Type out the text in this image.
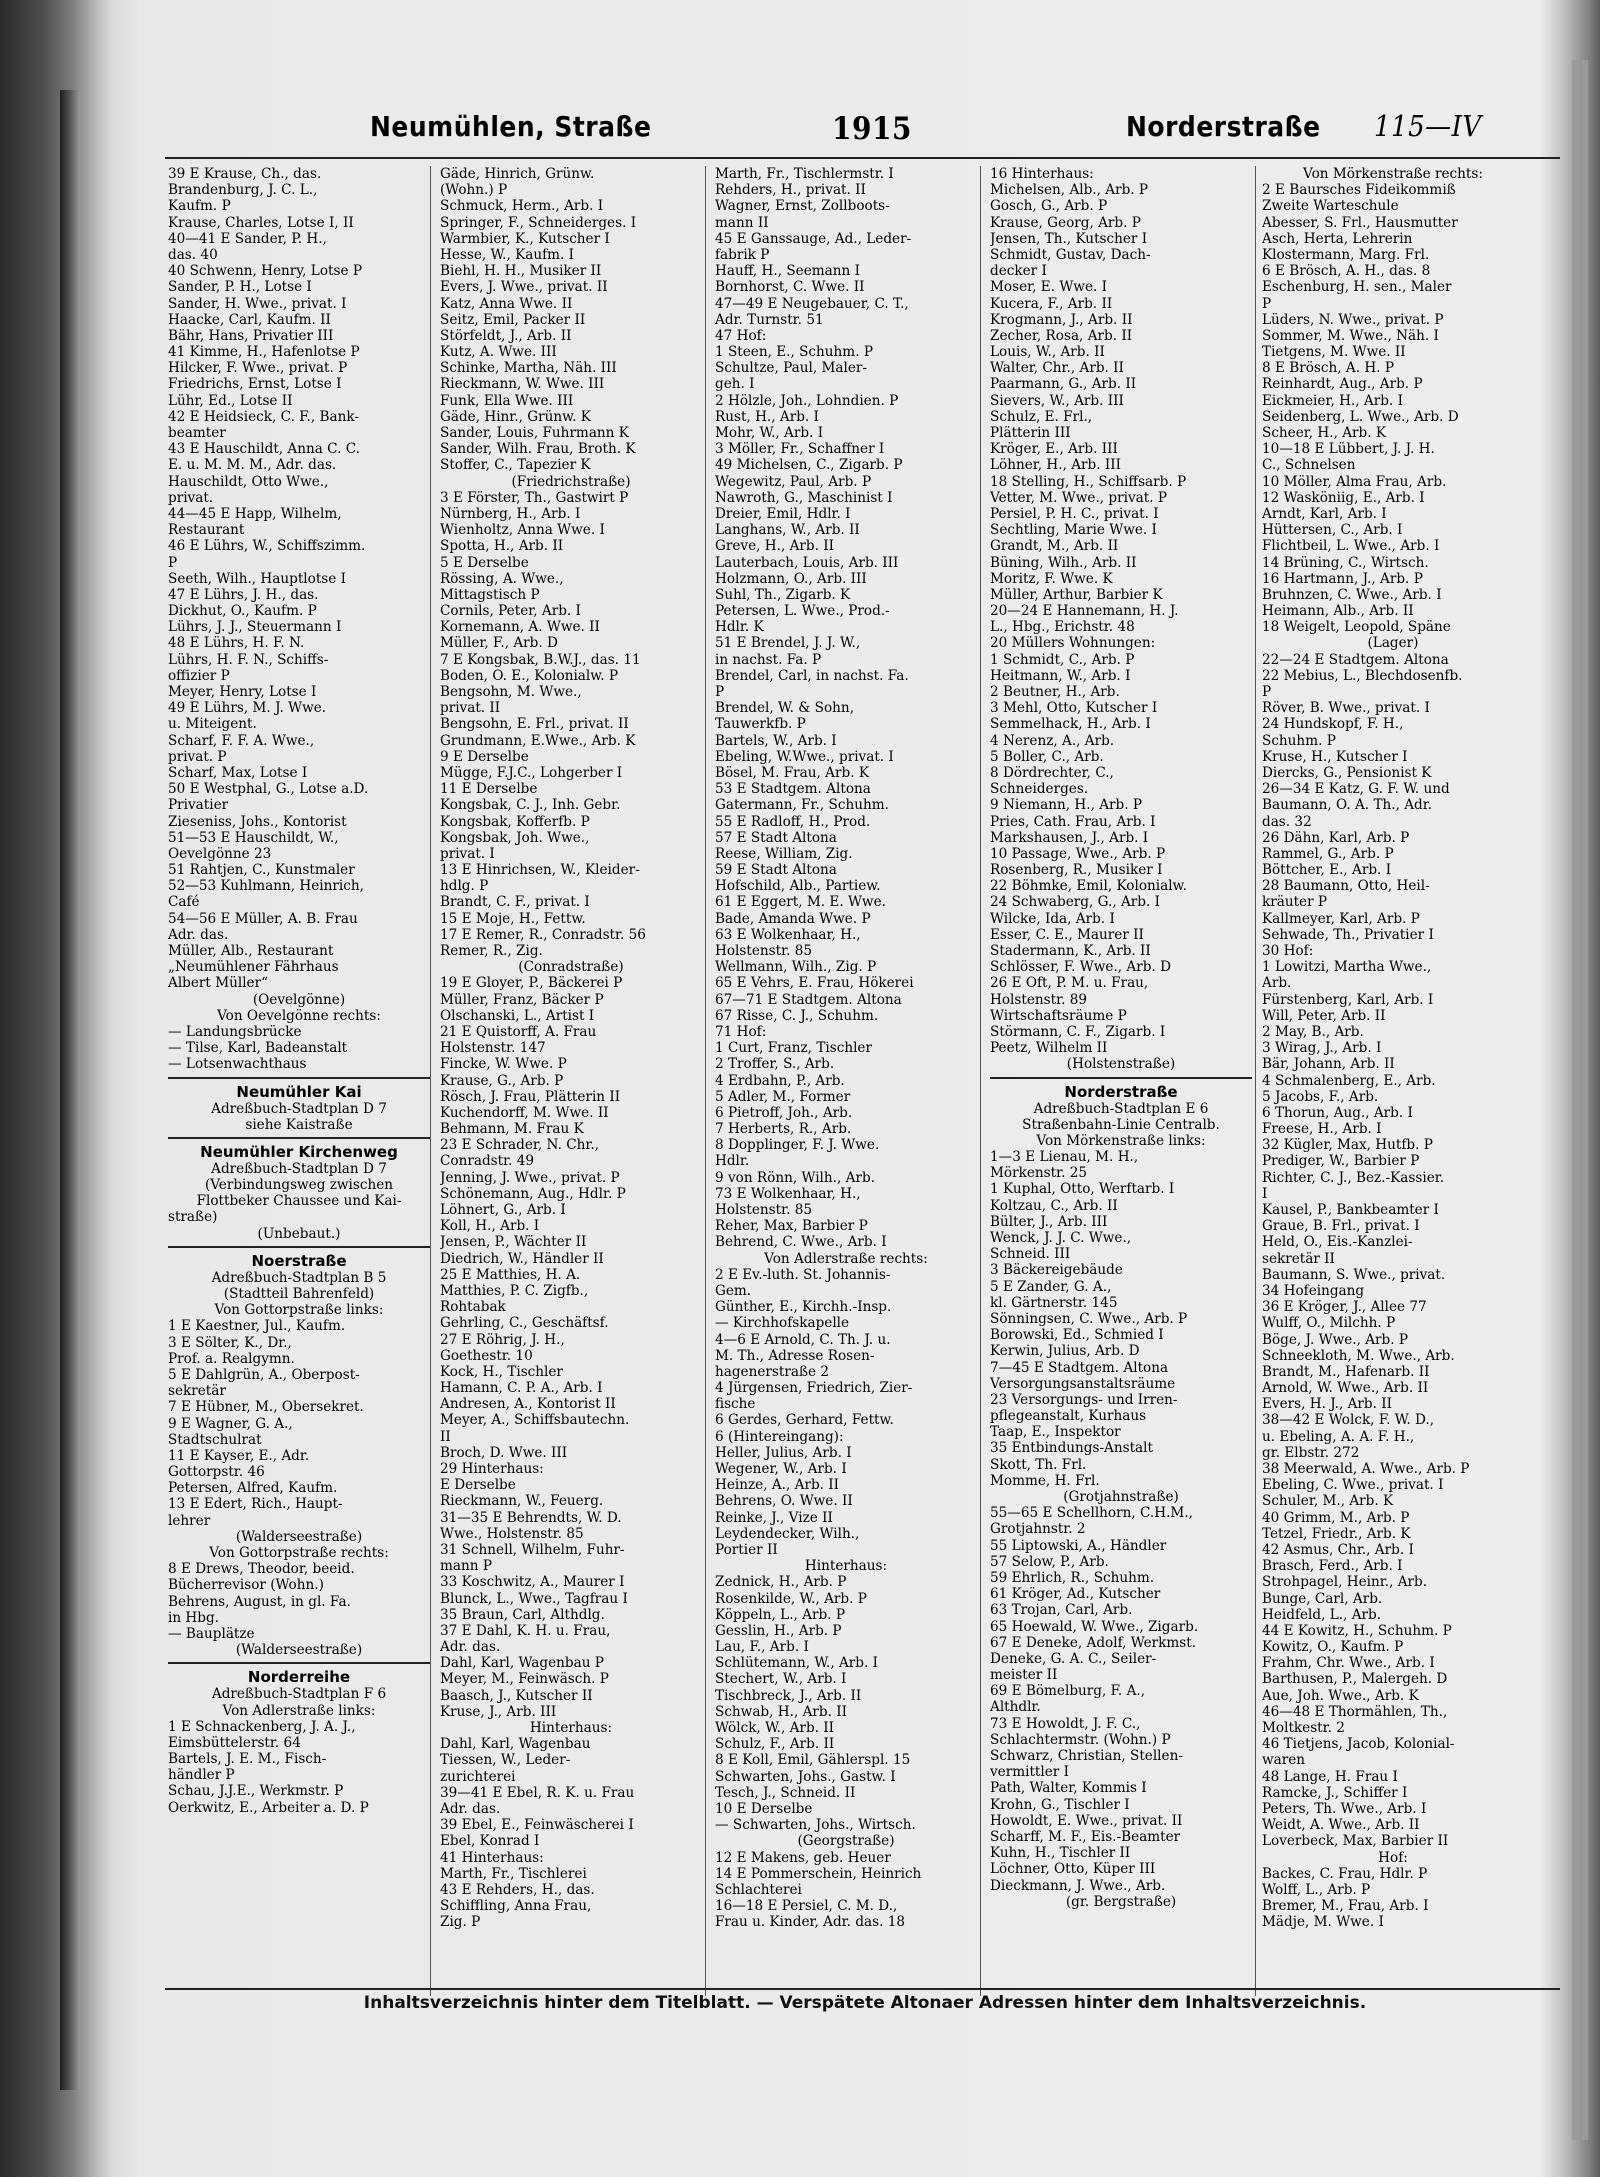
Neumühlen, Straße	1915	Norderstraße 115—IV
39 E Krause, Ch., das.
Brandenburg, J. C. L.,
Kaufm. P
Krause, Charles, Lotse I, II
40—41 E Sander, P. H.,
das. 40
40 Schwenn, Henry, Lotse P
Sander, P. H., Lotse I
Sander, H. Wwe., privat. I
Haacke, Carl, Kaufm. II
Bähr, Hans, Privatier III
41 Kimme, H., Hafenlotse P
Hilcker, F. Wwe., privat. P
Friedrichs, Ernst, Lotse I
Lühr, Ed., Lotse II
42 E Heidsieck, C. F., Bank-
beamter
43 E Hauschildt, Anna C. C.
E. u. M. M. M., Adr. das.
Hauschildt, Otto Wwe.,
privat.
44—45 E Happ, Wilhelm,
Restaurant
46 E Lührs, W., Schiffszimm.
P
Seeth, Wilh., Hauptlotse I
47 E Lührs, J. H., das.
Dickhut, O., Kaufm. P
Lührs, J. J., Steuermann I
48 E Lührs, H. F. N.
Lührs, H. F. N., Schiffs-
offizier P
Meyer, Henry, Lotse I
49 E Lührs, M. J. Wwe.
u. Miteigent.
Scharf, F. F. A. Wwe.,
privat. P
Scharf, Max, Lotse I
50 E Westphal, G., Lotse a.D.
Privatier
Zieseniss, Johs., Kontorist
51—53 E Hauschildt, W.,
Oevelgönne 23
51 Rahtjen, C., Kunstmaler
52—53 Kuhlmann, Heinrich,
Café
54—56 E Müller, A. B. Frau
Adr. das.
Müller, Alb., Restaurant
„Neumühlener Fährhaus
Albert Müller“
(Oevelgönne)
Von Oevelgönne rechts:
— Landungsbrücke
— Tilse, Karl, Badeanstalt
— Lotsenwachthaus
Neumühler Kai
Adreßbuch-Stadtplan D 7
siehe Kaistraße
Neumühler Kirchenweg
Adreßbuch-Stadtplan D 7
(Verbindungsweg zwischen
Flottbeker Chaussee und Kai-
straße)
(Unbebaut.)
Noerstraße
Adreßbuch-Stadtplan B 5
(Stadtteil Bahrenfeld)
Von Gottorpstraße links:
1 E Kaestner, Jul., Kaufm.
3 E Sölter, K., Dr.,
Prof. a. Realgymn.
5 E Dahlgrün, A., Oberpost-
sekretär
7 E Hübner, M., Obersekret.
9 E Wagner, G. A.,
Stadtschulrat
11 E Kayser, E., Adr.
Gottorpstr. 46
Petersen, Alfred, Kaufm.
13 E Edert, Rich., Haupt-
lehrer
(Walderseestraße)
Von Gottorpstraße rechts:
8 E Drews, Theodor, beeid.
Bücherrevisor (Wohn.)
Behrens, August, in gl. Fa.
in Hbg.
— Bauplätze
(Walderseestraße)
Norderreihe
Adreßbuch-Stadtplan F 6
Von Adlerstraße links:
1 E Schnackenberg, J. A. J.,
Eimsbüttelerstr. 64
Bartels, J. E. M., Fisch-
händler P
Schau, J.J.E., Werkmstr. P
Oerkwitz, E., Arbeiter a. D. P
Gäde, Hinrich, Grünw.
(Wohn.) P
Schmuck, Herm., Arb. I
Springer, F., Schneiderges. I
Warmbier, K., Kutscher I
Hesse, W., Kaufm. I
Biehl, H. H., Musiker II
Evers, J. Wwe., privat. II
Katz, Anna Wwe. II
Seitz, Emil, Packer II
Störfeldt, J., Arb. II
Kutz, A. Wwe. III
Schinke, Martha, Näh. III
Rieckmann, W. Wwe. III
Funk, Ella Wwe. III
Gäde, Hinr., Grünw. K
Sander, Louis, Fuhrmann K
Sander, Wilh. Frau, Broth. K
Stoffer, C., Tapezier K
(Friedrichstraße)
3 E Förster, Th., Gastwirt P
Nürnberg, H., Arb. I
Wienholtz, Anna Wwe. I
Spotta, H., Arb. II
5 E Derselbe
Rössing, A. Wwe.,
Mittagstisch P
Cornils, Peter, Arb. I
Kornemann, A. Wwe. II
Müller, F., Arb. D
7 E Kongsbak, B.W.J., das. 11
Boden, O. E., Kolonialw. P
Bengsohn, M. Wwe.,
privat. II
Bengsohn, E. Frl., privat. II
Grundmann, E.Wwe., Arb. K
9 E Derselbe
Mügge, F.J.C., Lohgerber I
11 E Derselbe
Kongsbak, C. J., Inh. Gebr.
Kongsbak, Kofferfb. P
Kongsbak, Joh. Wwe.,
privat. I
13 E Hinrichsen, W., Kleider-
hdlg. P
Brandt, C. F., privat. I
15 E Moje, H., Fettw.
17 E Remer, R., Conradstr. 56
Remer, R., Zig.
(Conradstraße)
19 E Gloyer, P., Bäckerei P
Müller, Franz, Bäcker P
Olschanski, L., Artist I
21 E Quistorff, A. Frau
Holstenstr. 147
Fincke, W. Wwe. P
Krause, G., Arb. P
Rösch, J. Frau, Plätterin II
Kuchendorff, M. Wwe. II
Behmann, M. Frau K
23 E Schrader, N. Chr.,
Conradstr. 49
Jenning, J. Wwe., privat. P
Schönemann, Aug., Hdlr. P
Löhnert, G., Arb. I
Koll, H., Arb. I
Jensen, P., Wächter II
Diedrich, W., Händler II
25 E Matthies, H. A.
Matthies, P. C. Zigfb.,
Rohtabak
Gehrling, C., Geschäftsf.
27 E Röhrig, J. H.,
Goethestr. 10
Kock, H., Tischler
Hamann, C. P. A., Arb. I
Andresen, A., Kontorist II
Meyer, A., Schiffsbautechn.
II
Broch, D. Wwe. III
29 Hinterhaus:
E Derselbe
Rieckmann, W., Feuerg.
31—35 E Behrendts, W. D.
Wwe., Holstenstr. 85
31 Schnell, Wilhelm, Fuhr-
mann P
33 Koschwitz, A., Maurer I
Blunck, L., Wwe., Tagfrau I
35 Braun, Carl, Althdlg.
37 E Dahl, K. H. u. Frau,
Adr. das.
Dahl, Karl, Wagenbau P
Meyer, M., Feinwäsch. P
Baasch, J., Kutscher II
Kruse, J., Arb. III
Hinterhaus:
Dahl, Karl, Wagenbau
Tiessen, W., Leder-
zurichterei
39—41 E Ebel, R. K. u. Frau
Adr. das.
39 Ebel, E., Feinwäscherei I
Ebel, Konrad I
41 Hinterhaus:
Marth, Fr., Tischlerei
43 E Rehders, H., das.
Schiffling, Anna Frau,
Zig. P
Marth, Fr., Tischlermstr. I
Rehders, H., privat. II
Wagner, Ernst, Zollboots-
mann II
45 E Ganssauge, Ad., Leder-
fabrik P
Hauff, H., Seemann I
Bornhorst, C. Wwe. II
47—49 E Neugebauer, C. T.,
Adr. Turnstr. 51
47 Hof:
1 Steen, E., Schuhm. P
Schultze, Paul, Maler-
geh. I
2 Hölzle, Joh., Lohndien. P
Rust, H., Arb. I
Mohr, W., Arb. I
3 Möller, Fr., Schaffner I
49 Michelsen, C., Zigarb. P
Wegewitz, Paul, Arb. P
Nawroth, G., Maschinist I
Dreier, Emil, Hdlr. I
Langhans, W., Arb. II
Greve, H., Arb. II
Lauterbach, Louis, Arb. III
Holzmann, O., Arb. III
Suhl, Th., Zigarb. K
Petersen, L. Wwe., Prod.-
Hdlr. K
51 E Brendel, J. J. W.,
in nachst. Fa. P
Brendel, Carl, in nachst. Fa.
P
Brendel, W. & Sohn,
Tauwerkfb. P
Bartels, W., Arb. I
Ebeling, W.Wwe., privat. I
Bösel, M. Frau, Arb. K
53 E Stadtgem. Altona
Gatermann, Fr., Schuhm.
55 E Radloff, H., Prod.
57 E Stadt Altona
Reese, William, Zig.
59 E Stadt Altona
Hofschild, Alb., Partiew.
61 E Eggert, M. E. Wwe.
Bade, Amanda Wwe. P
63 E Wolkenhaar, H.,
Holstenstr. 85
Wellmann, Wilh., Zig. P
65 E Vehrs, E. Frau, Hökerei
67—71 E Stadtgem. Altona
67 Risse, C. J., Schuhm.
71 Hof:
1 Curt, Franz, Tischler
2 Troffer, S., Arb.
4 Erdbahn, P., Arb.
5 Adler, M., Former
6 Pietroff, Joh., Arb.
7 Herberts, R., Arb.
8 Dopplinger, F. J. Wwe.
Hdlr.
9 von Rönn, Wilh., Arb.
73 E Wolkenhaar, H.,
Holstenstr. 85
Reher, Max, Barbier P
Behrend, C. Wwe., Arb. I
Von Adlerstraße rechts:
2 E Ev.-luth. St. Johannis-
Gem.
Günther, E., Kirchh.-Insp.
— Kirchhofskapelle
4—6 E Arnold, C. Th. J. u.
M. Th., Adresse Rosen-
hagenerstraße 2
4 Jürgensen, Friedrich, Zier-
fische
6 Gerdes, Gerhard, Fettw.
6 (Hintereingang):
Heller, Julius, Arb. I
Wegener, W., Arb. I
Heinze, A., Arb. II
Behrens, O. Wwe. II
Reinke, J., Vize II
Leydendecker, Wilh.,
Portier II
Hinterhaus:
Zednick, H., Arb. P
Rosenkilde, W., Arb. P
Köppeln, L., Arb. P
Gesslin, H., Arb. P
Lau, F., Arb. I
Schlütemann, W., Arb. I
Stechert, W., Arb. I
Tischbreck, J., Arb. II
Schwab, H., Arb. II
Wölck, W., Arb. II
Schulz, F., Arb. II
8 E Koll, Emil, Gählerspl. 15
Schwarten, Johs., Gastw. I
Tesch, J., Schneid. II
10 E Derselbe
— Schwarten, Johs., Wirtsch.
(Georgstraße)
12 E Makens, geb. Heuer
14 E Pommerschein, Heinrich
Schlachterei
16—18 E Persiel, C. M. D.,
Frau u. Kinder, Adr. das. 18
16 Hinterhaus:
Michelsen, Alb., Arb. P
Gosch, G., Arb. P
Krause, Georg, Arb. P
Jensen, Th., Kutscher I
Schmidt, Gustav, Dach-
decker I
Moser, E. Wwe. I
Kucera, F., Arb. II
Krogmann, J., Arb. II
Zecher, Rosa, Arb. II
Louis, W., Arb. II
Walter, Chr., Arb. II
Paarmann, G., Arb. II
Sievers, W., Arb. III
Schulz, E. Frl.,
Plätterin III
Kröger, E., Arb. III
Löhner, H., Arb. III
18 Stelling, H., Schiffsarb. P
Vetter, M. Wwe., privat. P
Persiel, P. H. C., privat. I
Sechtling, Marie Wwe. I
Grandt, M., Arb. II
Büning, Wilh., Arb. II
Moritz, F. Wwe. K
Müller, Arthur, Barbier K
20—24 E Hannemann, H. J.
L., Hbg., Erichstr. 48
20 Müllers Wohnungen:
1 Schmidt, C., Arb. P
Heitmann, W., Arb. I
2 Beutner, H., Arb.
3 Mehl, Otto, Kutscher I
Semmelhack, H., Arb. I
4 Nerenz, A., Arb.
5 Boller, C., Arb.
8 Dördrechter, C.,
Schneiderges.
9 Niemann, H., Arb. P
Pries, Cath. Frau, Arb. I
Markshausen, J., Arb. I
10 Passage, Wwe., Arb. P
Rosenberg, R., Musiker I
22 Böhmke, Emil, Kolonialw.
24 Schwaberg, G., Arb. I
Wilcke, Ida, Arb. I
Esser, C. E., Maurer II
Stadermann, K., Arb. II
Schlösser, F. Wwe., Arb. D
26 E Oft, P. M. u. Frau,
Holstenstr. 89
Wirtschaftsräume P
Störmann, C. F., Zigarb. I
Peetz, Wilhelm II
(Holstenstraße)
Norderstraße
Adreßbuch-Stadtplan E 6
Straßenbahn-Linie Centralb.
Von Mörkenstraße links:
1—3 E Lienau, M. H.,
Mörkenstr. 25
1 Kuphal, Otto, Werftarb. I
Koltzau, C., Arb. II
Bülter, J., Arb. III
Wenck, J. J. C. Wwe.,
Schneid. III
3 Bäckereigebäude
5 E Zander, G. A.,
kl. Gärtnerstr. 145
Sönningsen, C. Wwe., Arb. P
Borowski, Ed., Schmied I
Kerwin, Julius, Arb. D
7—45 E Stadtgem. Altona
Versorgungsanstaltsräume
23 Versorgungs- und Irren-
pflegeanstalt, Kurhaus
Taap, E., Inspektor
35 Entbindungs-Anstalt
Skott, Th. Frl.
Momme, H. Frl.
(Grotjahnstraße)
55—65 E Schellhorn, C.H.M.,
Grotjahnstr. 2
55 Liptowski, A., Händler
57 Selow, P., Arb.
59 Ehrlich, R., Schuhm.
61 Kröger, Ad., Kutscher
63 Trojan, Carl, Arb.
65 Hoewald, W. Wwe., Zigarb.
67 E Deneke, Adolf, Werkmst.
Deneke, G. A. C., Seiler-
meister II
69 E Bömelburg, F. A.,
Althdlr.
73 E Howoldt, J. F. C.,
Schlachtermstr. (Wohn.) P
Schwarz, Christian, Stellen-
vermittler I
Path, Walter, Kommis I
Krohn, G., Tischler I
Howoldt, E. Wwe., privat. II
Scharff, M. F., Eis.-Beamter
Kuhn, H., Tischler II
Löchner, Otto, Küper III
Dieckmann, J. Wwe., Arb.
(gr. Bergstraße)
Von Mörkenstraße rechts:
2 E Baursches Fideikommiß
Zweite Warteschule
Abesser, S. Frl., Hausmutter
Asch, Herta, Lehrerin
Klostermann, Marg. Frl.
6 E Brösch, A. H., das. 8
Eschenburg, H. sen., Maler
P
Lüders, N. Wwe., privat. P
Sommer, M. Wwe., Näh. I
Tietgens, M. Wwe. II
8 E Brösch, A. H. P
Reinhardt, Aug., Arb. P
Eickmeier, H., Arb. I
Seidenberg, L. Wwe., Arb. D
Scheer, H., Arb. K
10—18 E Lübbert, J. J. H.
C., Schnelsen
10 Möller, Alma Frau, Arb.
12 Wasköniig, E., Arb. I
Arndt, Karl, Arb. I
Hüttersen, C., Arb. I
Flichtbeil, L. Wwe., Arb. I
14 Brüning, C., Wirtsch.
16 Hartmann, J., Arb. P
Bruhnzen, C. Wwe., Arb. I
Heimann, Alb., Arb. II
18 Weigelt, Leopold, Späne
(Lager)
22—24 E Stadtgem. Altona
22 Mebius, L., Blechdosenfb.
P
Röver, B. Wwe., privat. I
24 Hundskopf, F. H.,
Schuhm. P
Kruse, H., Kutscher I
Diercks, G., Pensionist K
26—34 E Katz, G. F. W. und
Baumann, O. A. Th., Adr.
das. 32
26 Dähn, Karl, Arb. P
Rammel, G., Arb. P
Böttcher, E., Arb. I
28 Baumann, Otto, Heil-
kräuter P
Kallmeyer, Karl, Arb. P
Sehwade, Th., Privatier I
30 Hof:
1 Lowitzi, Martha Wwe.,
Arb.
Fürstenberg, Karl, Arb. I
Will, Peter, Arb. II
2 May, B., Arb.
3 Wirag, J., Arb. I
Bär, Johann, Arb. II
4 Schmalenberg, E., Arb.
5 Jacobs, F., Arb.
6 Thorun, Aug., Arb. I
Freese, H., Arb. I
32 Kügler, Max, Hutfb. P
Prediger, W., Barbier P
Richter, C. J., Bez.-Kassier.
I
Kausel, P., Bankbeamter I
Graue, B. Frl., privat. I
Held, O., Eis.-Kanzlei-
sekretär II
Baumann, S. Wwe., privat.
34 Hofeingang
36 E Kröger, J., Allee 77
Wulff, O., Milchh. P
Böge, J. Wwe., Arb. P
Schneekloth, M. Wwe., Arb.
Brandt, M., Hafenarb. II
Arnold, W. Wwe., Arb. II
Evers, H. J., Arb. II
38—42 E Wolck, F. W. D.,
u. Ebeling, A. A. F. H.,
gr. Elbstr. 272
38 Meerwald, A. Wwe., Arb. P
Ebeling, C. Wwe., privat. I
Schuler, M., Arb. K
40 Grimm, M., Arb. P
Tetzel, Friedr., Arb. K
42 Asmus, Chr., Arb. I
Brasch, Ferd., Arb. I
Strohpagel, Heinr., Arb.
Bunge, Carl, Arb.
Heidfeld, L., Arb.
44 E Kowitz, H., Schuhm. P
Kowitz, O., Kaufm. P
Frahm, Chr. Wwe., Arb. I
Barthusen, P., Malergeh. D
Aue, Joh. Wwe., Arb. K
46—48 E Thormählen, Th.,
Moltkestr. 2
46 Tietjens, Jacob, Kolonial-
waren
48 Lange, H. Frau I
Ramcke, J., Schiffer I
Peters, Th. Wwe., Arb. I
Weidt, A. Wwe., Arb. II
Loverbeck, Max, Barbier II
Hof:
Backes, C. Frau, Hdlr. P
Wolff, L., Arb. P
Bremer, M., Frau, Arb. I
Mädje, M. Wwe. I
Inhaltsverzeichnis hinter dem Titelblatt. — Verspätete Altonaer Adressen hinter dem Inhaltsverzeichnis.
